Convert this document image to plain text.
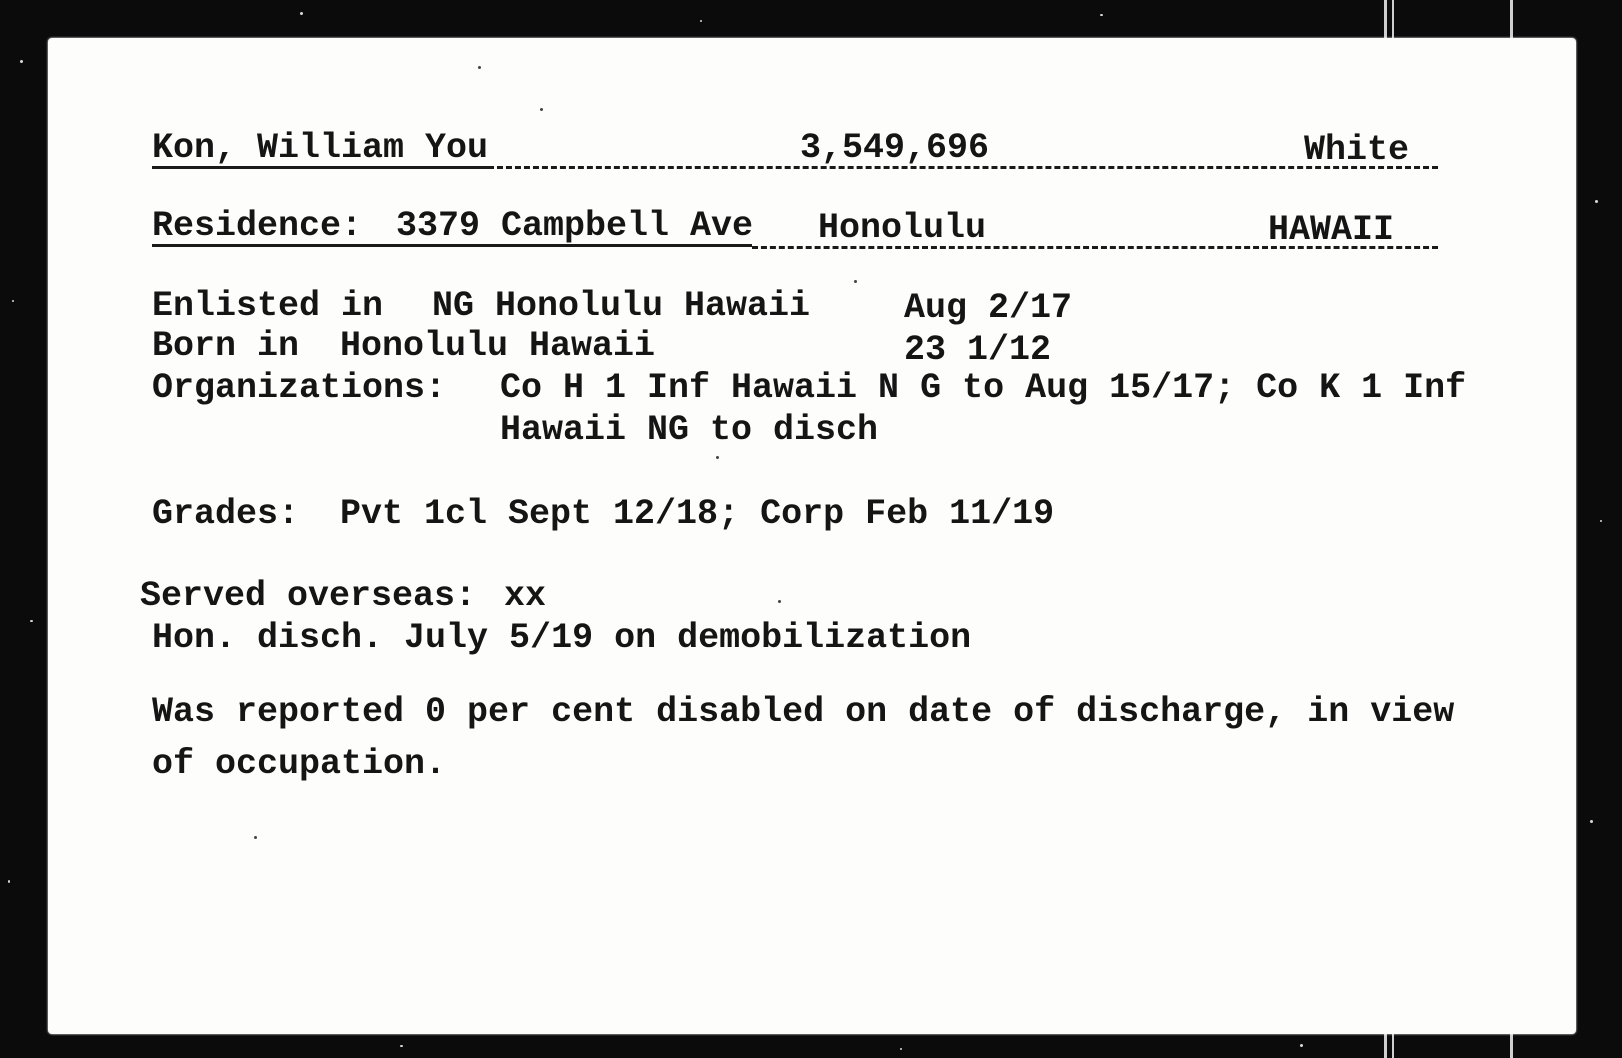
Kon, William You	3,549,696	White
Residence: 3379 Campbell Ave Honolulu	HAWAII
Enlisted in NG Honolulu Hawaii	Aug 2/17
Born in Honolulu Hawaii	23 1/12
Organizations: Co H 1 Inf Hawaii N G to Aug 15/17; Co K 1 Inf
Hawaii NG to disch
Grades: Pvt 1cl Sept 12/18; Corp Feb 11/19
Served overseas: xx
Hon. disch. July 5/19 on demobilization
Was reported 0 per cent disabled on date of discharge, in view
of occupation.
